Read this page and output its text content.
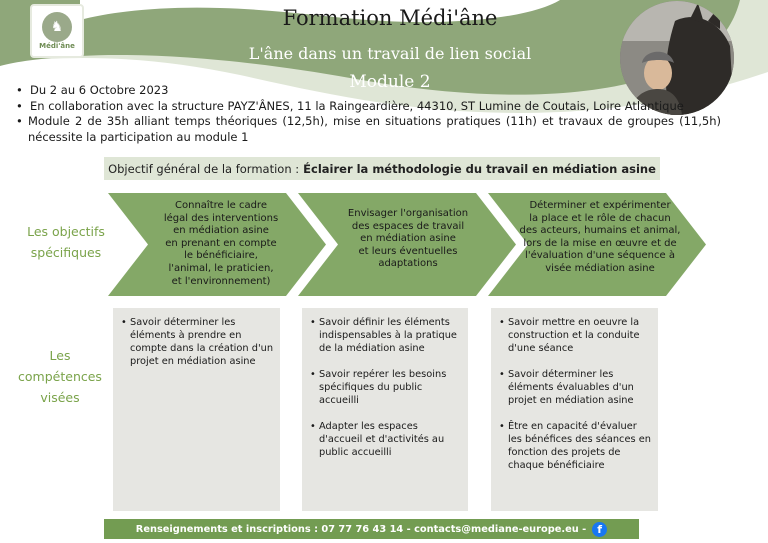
♞
Médi'âne
Formation Médi'âne
L'âne dans un travail de lien social
Module 2

• Du 2 au 6 Octobre 2023

• En collaboration avec la structure PAYZ'ÂNES, 11 la Raingeardière, 44310, ST Lumine de Coutais, Loire Atlantique

• Module 2 de 35h alliant temps théoriques (12,5h), mise en situations pratiques (11h) et travaux de groupes (11,5h) nécessite la participation au module 1

Objectif général de la formation : Éclairer la méthodologie du travail en médiation asine
Les objectifs
spécifiques
Connaître le cadre
légal des interventions
en médiation asine
en prenant en compte
le bénéficiaire,
l'animal, le praticien,
et l'environnement)
Envisager l'organisation
des espaces de travail
en médiation asine
et leurs éventuelles
adaptations
Déterminer et expérimenter
la place et le rôle de chacun
des acteurs, humains et animal,
lors de la mise en œuvre et de
l'évaluation d'une séquence à
visée médiation asine
Les
compétences
visées
• Savoir déterminer les éléments à prendre en compte dans la création d'un projet en médiation asine
• Savoir définir les éléments indispensables à la pratique de la médiation asine
• Savoir repérer les besoins spécifiques du public accueilli
• Adapter les espaces d'accueil et d'activités au public accueilli
• Savoir mettre en oeuvre la construction et la conduite d'une séance
• Savoir déterminer les éléments évaluables d'un projet en médiation asine
• Être en capacité d'évaluer les bénéfices des séances en fonction des projets de chaque bénéficiaire
Renseignements et inscriptions : 07 77 76 43 14 - contacts@mediane-europe.eu -	f
